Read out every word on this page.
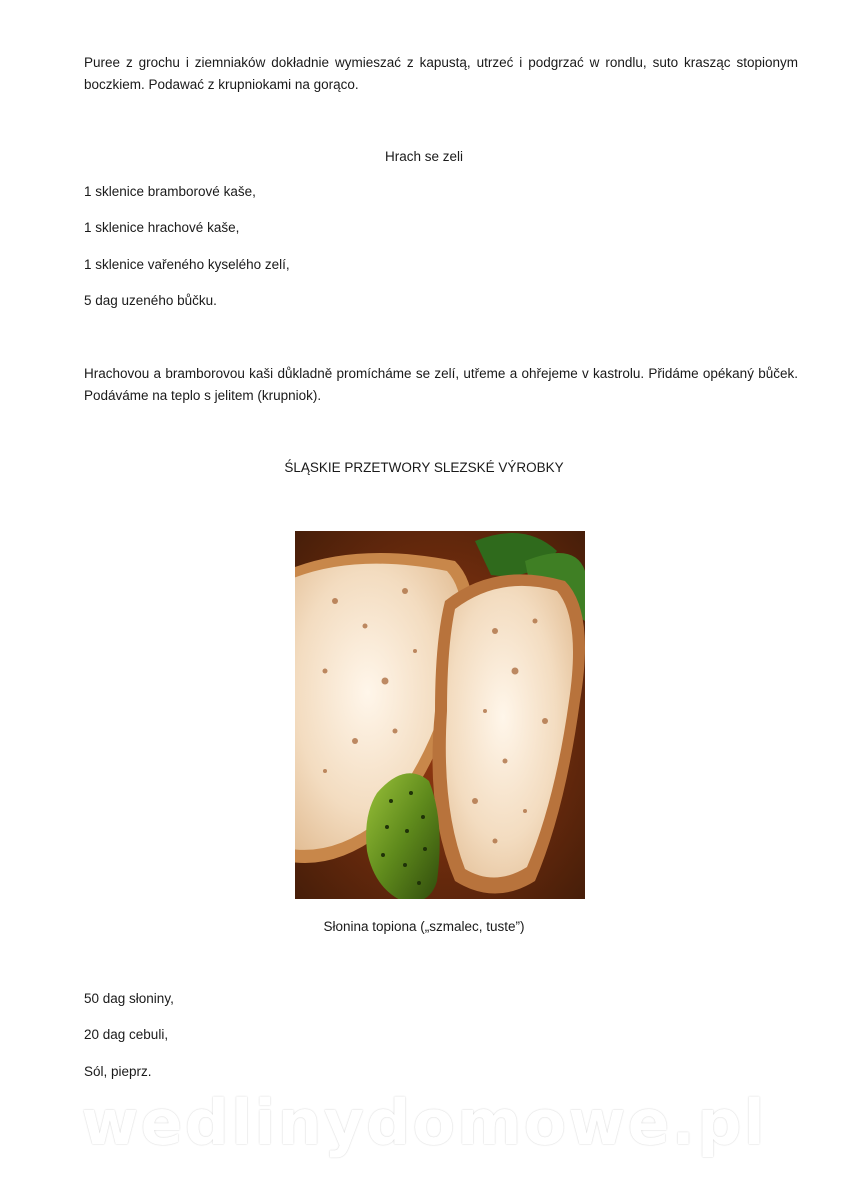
Puree z grochu i ziemniaków dokładnie wymieszać z kapustą, utrzeć i podgrzać w rondlu, suto krasząc stopionym boczkiem. Podawać z krupniokami na gorąco.

Hrach se zeli

1 sklenice bramborové kaše,

1 sklenice hrachové kaše,

1 sklenice vařeného kyselého zelí,

5 dag uzeného bůčku.

Hrachovou a bramborovou kaši důkladně promícháme se zelí, utřeme a ohřejeme v kastrolu. Přidáme opékaný bůček. Podáváme na teplo s jelitem (krupniok).

ŚLĄSKIE PRZETWORY SLEZSKÉ VÝROBKY

Słonina topiona („szmalec, tuste”)

50 dag słoniny,

20 dag cebuli,

Sól, pieprz.

wedlinydomowe.pl
